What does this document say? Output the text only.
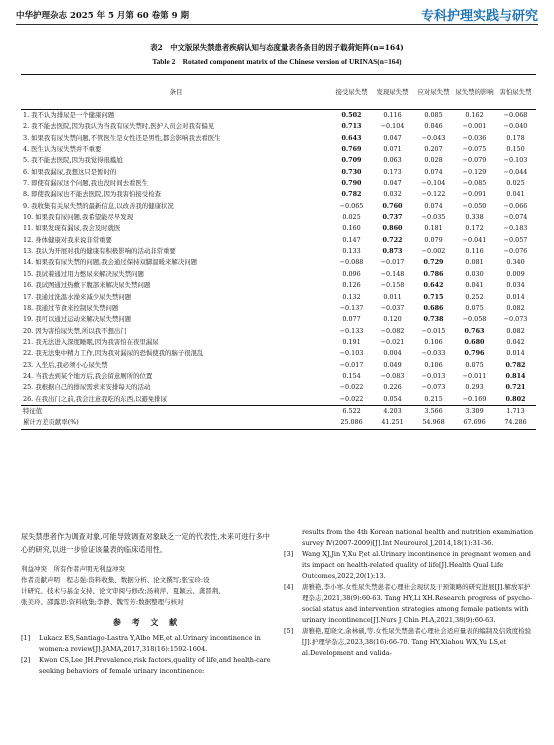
中华护理杂志 2025 年 5 月第 60 卷第 9 期	专科护理实践与研究
表2　中文版尿失禁患者疾病认知与态度量表各条目的因子载荷矩阵(n=164)
Table 2　Rotated component matrix of the Chinese version of URINAS(n=164)
条目	接受尿失禁	发现尿失禁	应对尿失禁	尿失禁的影响	害怕尿失禁
1. 我不认为排尿是一个健康问题	0.502	0.116	0.085	0.162	−0.068
2. 我不能去医院,因为我认为当我有尿失禁时,医护人员会对我有偏见	0.713	−0.104	0.046	−0.001	−0.040
3. 如果我有尿失禁问题,不管医生是女性还是男性,都会影响我去看医生	0.643	0.047	−0.043	−0.036	0.178
4. 医生认为尿失禁并不重要	0.769	0.071	0.207	−0.075	0.150
5. 我不能去医院,因为我觉得很尴尬	0.709	0.063	0.028	−0.079	−0.103
6. 如果我漏尿,我想这只是暂时的	0.730	0.173	0.074	−0.129	−0.044
7. 即使有漏尿这个问题,我也没时间去看医生	0.790	0.047	−0.104	−0.085	0.025
8. 即使我漏尿也不能去医院,因为我害怕接受检查	0.782	0.032	−0.122	−0.091	0.041
9. 我收集有关尿失禁的最新信息,以改善我的健康状况	−0.065	0.760	0.074	−0.050	−0.066
10. 如果我有尿问题,我希望能尽早发现	0.025	0.737	−0.035	0.338	−0.074
11. 如果发现有漏尿,我会及时就医	0.160	0.860	0.181	0.172	−0.183
12. 身体健康对我来说非常重要	0.147	0.722	0.079	−0.041	−0.057
13. 我认为开展对我的健康有积极影响的活动非常重要	0.133	0.873	−0.002	0.116	−0.076
14. 如果我有尿失禁的问题,我会通过保持双脚温暖来解决问题	−0.088	−0.017	0.729	0.081	0.340
15. 我试着通过用力憋尿来解决尿失禁问题	0.096	−0.148	0.786	0.030	0.009
16. 我试图通过热敷下腹部来解决尿失禁问题	0.126	−0.158	0.642	0.041	0.034
17. 我通过洗温水澡来减少尿失禁问题	0.132	0.011	0.715	0.252	0.014
18. 我通过节食来控制尿失禁问题	−0.137	−0.037	0.686	0.075	0.082
19. 我可以通过运动来解决尿失禁问题	0.077	0.120	0.738	−0.058	−0.073
20. 因为害怕尿失禁,所以我不想出门	−0.133	−0.082	−0.015	0.763	0.082
21. 我无法进入深度睡眠,因为我害怕在夜里漏尿	0.191	−0.021	0.106	0.680	0.042
22. 我无法集中精力工作,因为我对漏尿的恐惧使我的脑子很混乱	−0.103	0.004	−0.033	0.796	0.014
23. 入坐后,我必须小心尿失禁	−0.017	0.049	0.106	0.075	0.782
24. 当我去到某个地方后,我会留意厕所的位置	0.154	−0.083	−0.013	−0.011	0.814
25. 我根据自己的排尿需求来安排每天的活动	−0.022	0.226	−0.073	0.293	0.721
26. 在我出门之前,我会注意我吃的东西,以避免排尿	−0.022	0.054	0.215	−0.169	0.802
特征值	6.522	4.203	3.566	3.309	1.713
累计方差贡献率(%)	25.086	41.251	54.968	67.696	74.286

尿失禁患者作为调查对象,可能导致调查对象缺乏一定的代表性,未来可进行多中心的研究,以进一步验证该量表的临床适用性。

利益冲突　所有作者声明无利益冲突

作者贡献声明　程志强:资料收集、数据分析、论文撰写;张宝玲:设

计研究、技术与基金支持、论文审阅与修改;汤莉萍、夏颖云、龚晋荆、

张美玲、邵露思:资料收集;李静、魏雪芳:数据整理与核对

参 考 文 献
[1]	Lukacz ES,Santiago-Lastra Y,Albo ME,et al.Urinary incontinence in women:a review[J].JAMA,2017,318(16):1592-1604.
[2]	Kwon CS,Lee JH.Prevalence,risk factors,quality of life,and health-care seeking behaviors of female urinary incontinence:
results from the 4th Korean national health and nutrition examination survey Ⅳ(2007-2009)[J].Int Neurourol J,2014,18(1):31-36.
[3]	Wang XJ,Jin Y,Xu P,et al.Urinary incontinence in pregnant women and its impact on health-related quality of life[J].Health Qual Life Outcomes,2022,20(1):13.
[4]	唐雅艳,李小寒.女性尿失禁患者心理社会现状及干预策略的研究进展[J].解放军护理杂志,2021,38(9):60-63. Tang HY,Li XH.Research progress of psycho-social status and intervention strategies among female patients with urinary incontinence[J].Nurs J Chin PLA,2021,38(9):60-63.
[5]	唐雅艳,夏晓文,余林硕,等.女性尿失禁患者心理社会适应量表的编制及信效度检验[J].护理学杂志,2023,38(16):66-70. Tang HY,Xiahou WX,Yu LS,et al.Development and valida-
